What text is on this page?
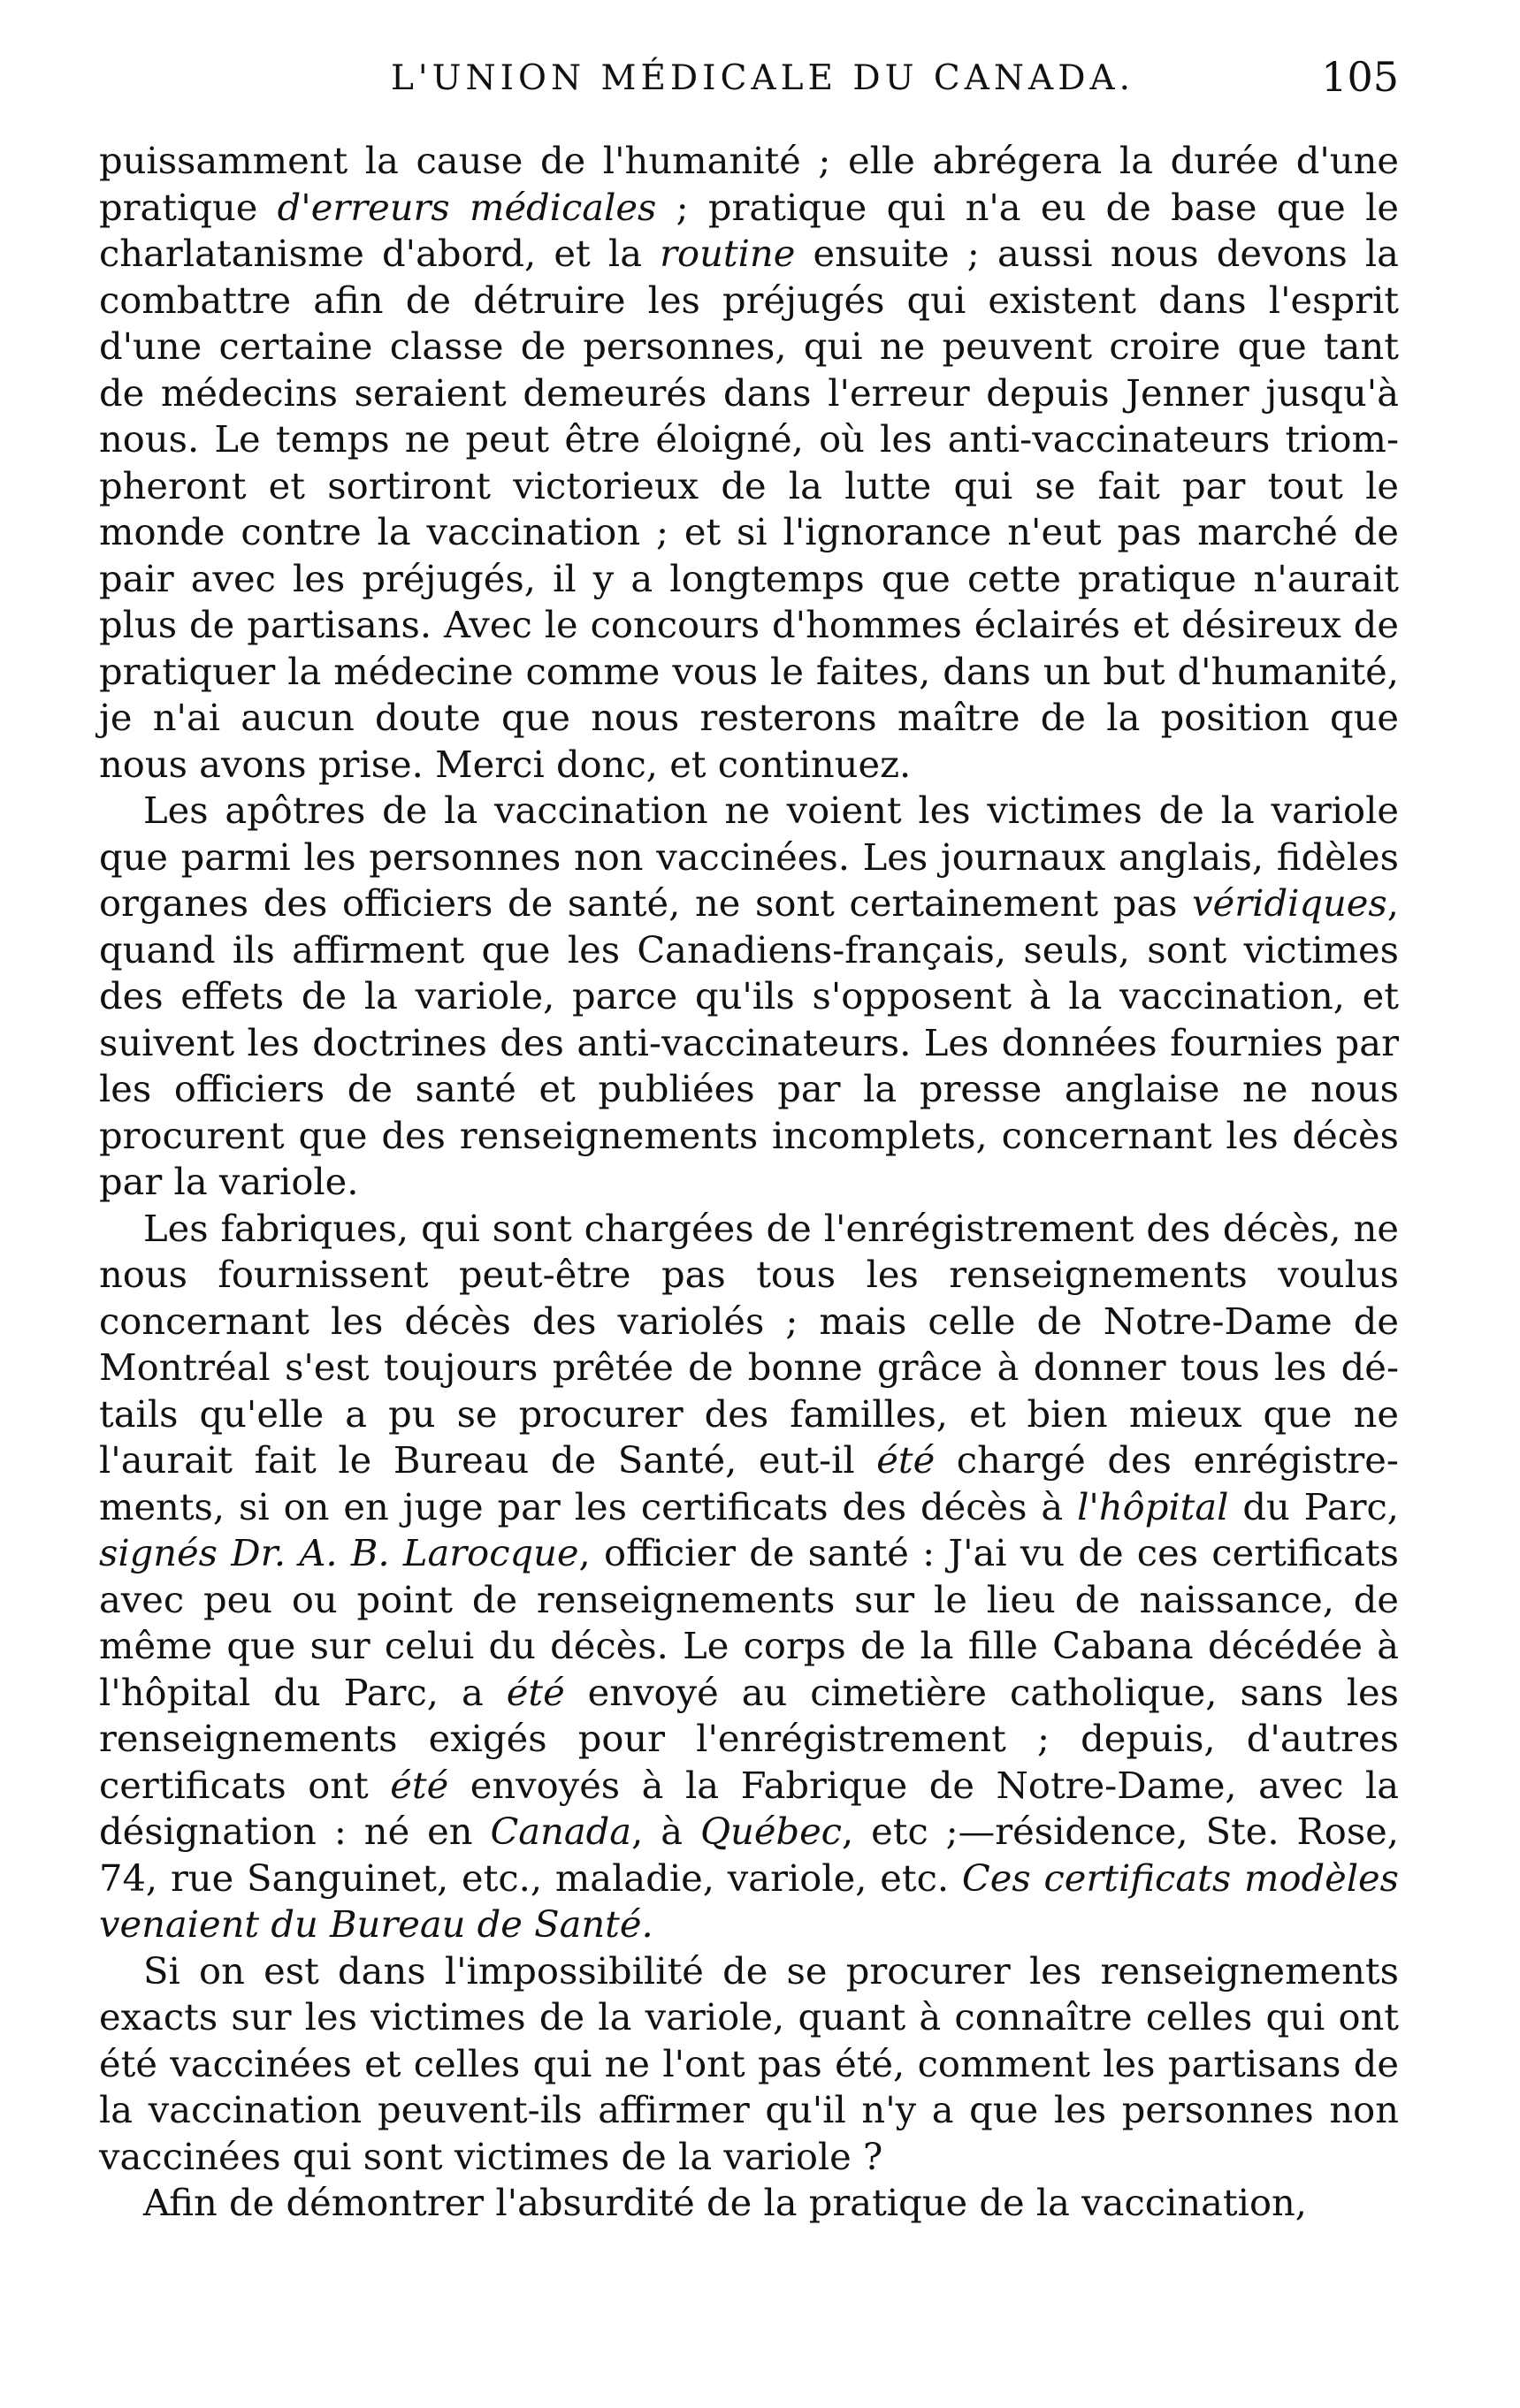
L'UNION MÉDICALE DU CANADA.	105

puissamment la cause de l'humanité ; elle abrégera la durée d'une pratique d'erreurs médicales ; pratique qui n'a eu de base que le charlatanisme d'abord, et la routine ensuite ; aussi nous devons la combattre afin de détruire les préjugés qui existent dans l'esprit d'une certaine classe de personnes, qui ne peuvent croire que tant de médecins seraient demeurés dans l'erreur depuis Jenner jusqu'à nous. Le temps ne peut être éloigné, où les anti-vaccinateurs triompheront et sortiront victorieux de la lutte qui se fait par tout le monde contre la vaccination ; et si l'ignorance n'eut pas marché de pair avec les préjugés, il y a longtemps que cette pratique n'aurait plus de partisans. Avec le concours d'hommes éclairés et désireux de pratiquer la médecine comme vous le faites, dans un but d'humanité, je n'ai aucun doute que nous resterons maître de la position que nous avons prise. Merci donc, et continuez.

Les apôtres de la vaccination ne voient les victimes de la variole que parmi les personnes non vaccinées. Les journaux anglais, fidèles organes des officiers de santé, ne sont certainement pas véridiques, quand ils affirment que les Canadiens-français, seuls, sont victimes des effets de la variole, parce qu'ils s'opposent à la vaccination, et suivent les doctrines des anti-vaccinateurs. Les données fournies par les officiers de santé et publiées par la presse anglaise ne nous procurent que des renseignements incomplets, concernant les décès par la variole.

Les fabriques, qui sont chargées de l'enrégistrement des décès, ne nous fournissent peut-être pas tous les renseignements voulus concernant les décès des variolés ; mais celle de Notre-Dame de Montréal s'est toujours prêtée de bonne grâce à donner tous les détails qu'elle a pu se procurer des familles, et bien mieux que ne l'aurait fait le Bureau de Santé, eut-il été chargé des enrégistrements, si on en juge par les certificats des décès à l'hôpital du Parc, signés Dr. A. B. Larocque, officier de santé : J'ai vu de ces certificats avec peu ou point de renseignements sur le lieu de naissance, de même que sur celui du décès. Le corps de la fille Cabana décédée à l'hôpital du Parc, a été envoyé au cimetière catholique, sans les renseignements exigés pour l'enrégistrement ; depuis, d'autres certificats ont été envoyés à la Fabrique de Notre-Dame, avec la désignation : né en Canada, à Québec, etc ;—résidence, Ste. Rose, 74, rue Sanguinet, etc., maladie, variole, etc. Ces certificats modèles venaient du Bureau de Santé.

Si on est dans l'impossibilité de se procurer les renseignements exacts sur les victimes de la variole, quant à connaître celles qui ont été vaccinées et celles qui ne l'ont pas été, comment les partisans de la vaccination peuvent-ils affirmer qu'il n'y a que les personnes non vaccinées qui sont victimes de la variole ?

Afin de démontrer l'absurdité de la pratique de la vaccination,
